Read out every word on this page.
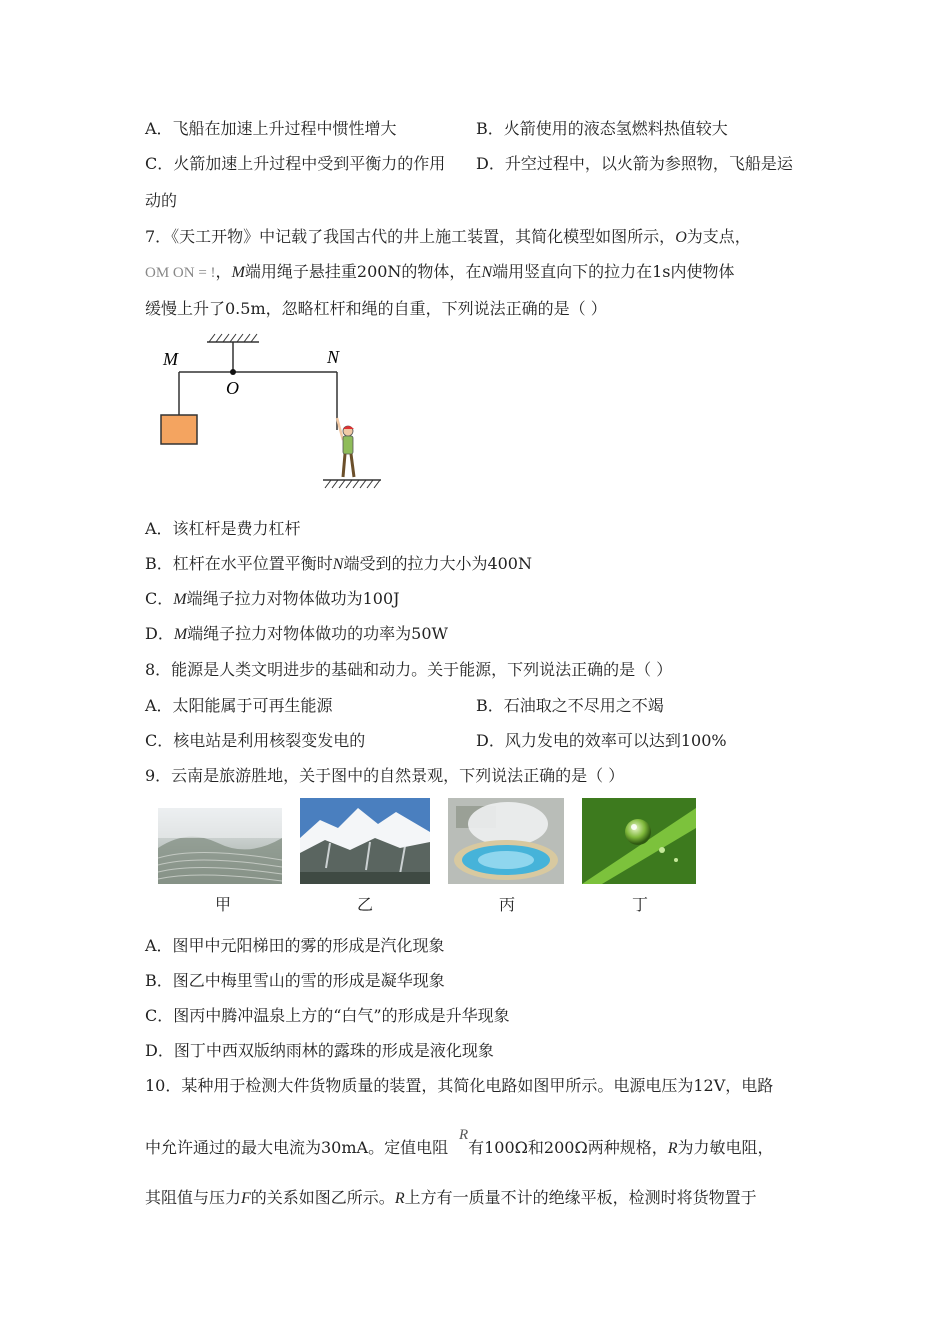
A．飞船在加速上升过程中惯性增大	B．火箭使用的液态氢燃料热值较大
C．火箭加速上升过程中受到平衡力的作用 D．升空过程中，以火箭为参照物，飞船是运
动的
7．《天工开物》中记载了我国古代的井上施工装置，其简化模型如图所示，O为支点，
OM ON = !，M端用绳子悬挂重200N的物体，在N端用竖直向下的拉力在1s内使物体
缓慢上升了0.5m，忽略杠杆和绳的自重，下列说法正确的是（ ）
M
O
N
A．该杠杆是费力杠杆
B．杠杆在水平位置平衡时N端受到的拉力大小为400N
C．M端绳子拉力对物体做功为100J
D．M端绳子拉力对物体做功的功率为50W
8．能源是人类文明进步的基础和动力。关于能源，下列说法正确的是（ ）
A．太阳能属于可再生能源	B．石油取之不尽用之不竭
C．核电站是利用核裂变发电的	D．风力发电的效率可以达到100%
9．云南是旅游胜地，关于图中的自然景观，下列说法正确的是（ ）
甲	乙	丙	丁
A．图甲中元阳梯田的雾的形成是汽化现象
B．图乙中梅里雪山的雪的形成是凝华现象
C．图丙中腾冲温泉上方的“白气”的形成是升华现象
D．图丁中西双版纳雨林的露珠的形成是液化现象
10．某种用于检测大件货物质量的装置，其简化电路如图甲所示。电源电压为12V，电路
R
中允许通过的最大电流为30mA。定值电阻 有100Ω和200Ω两种规格，R为力敏电阻，
其阻值与压力F的关系如图乙所示。R上方有一质量不计的绝缘平板，检测时将货物置于
